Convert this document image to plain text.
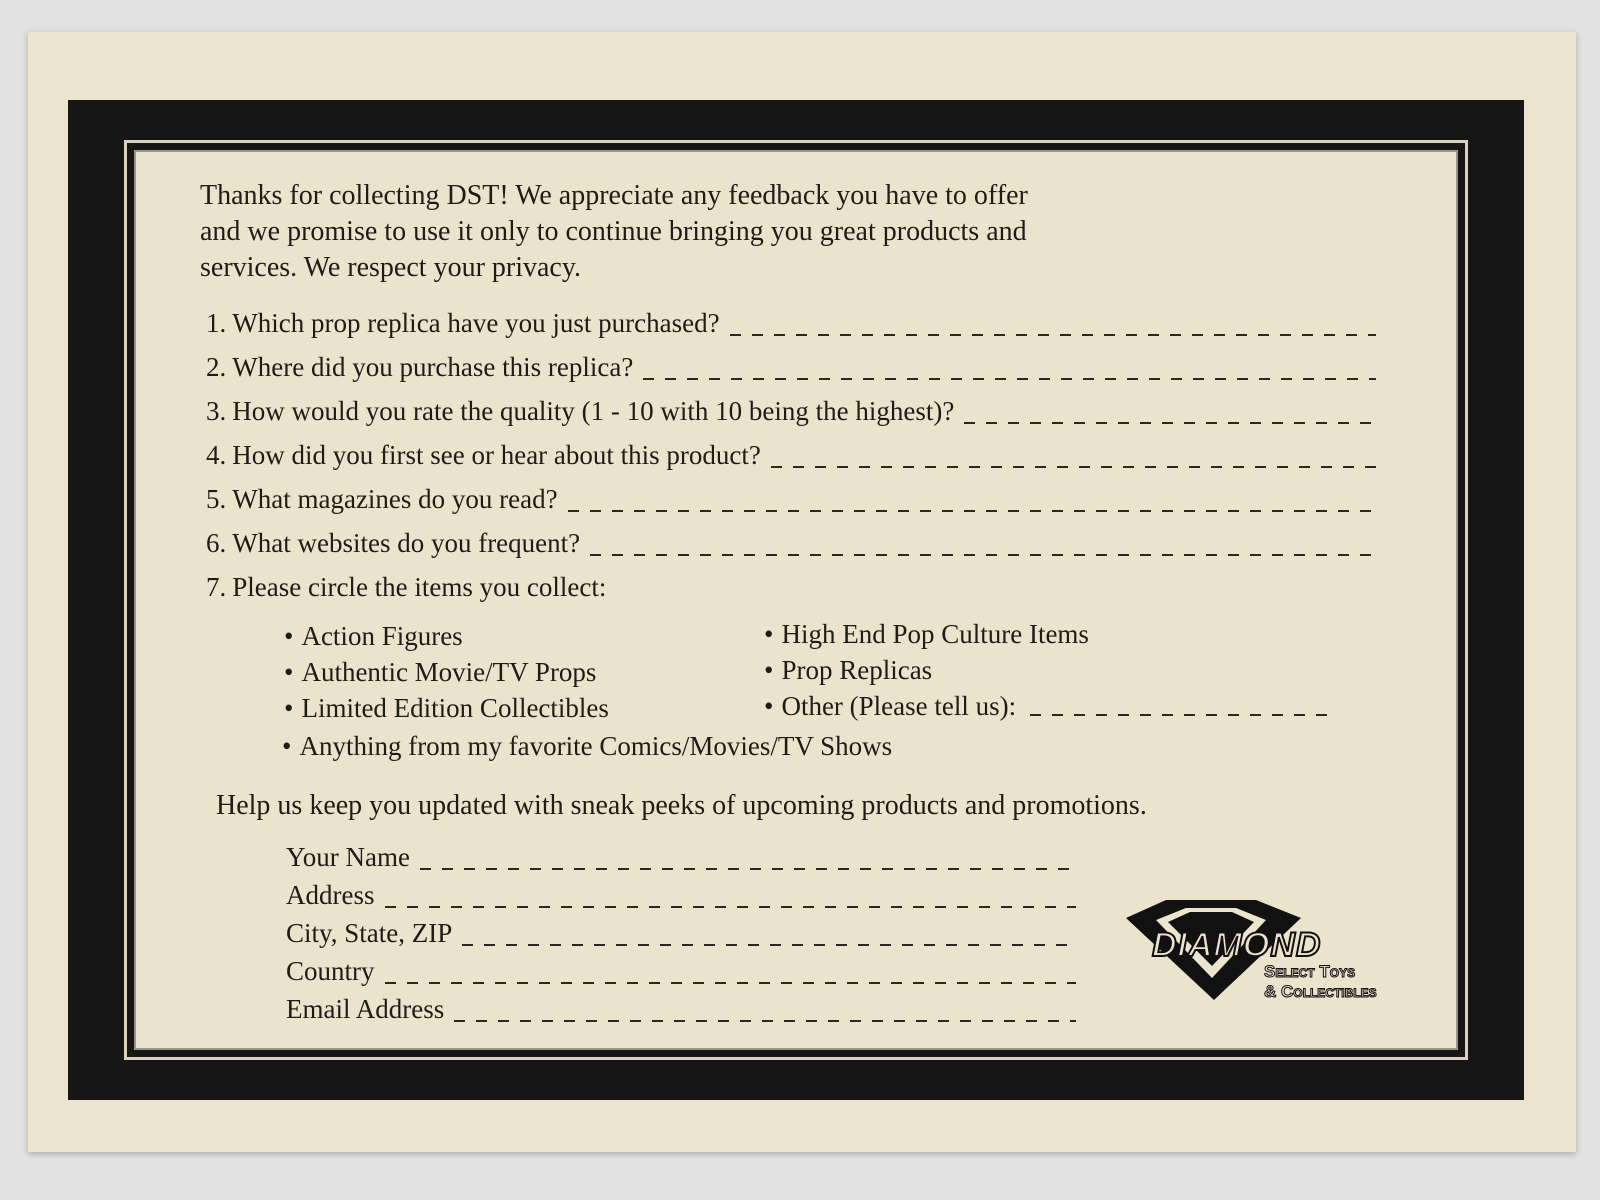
Thanks for collecting DST! We appreciate any feedback you have to offer
and we promise to use it only to continue bringing you great products and
services. We respect your privacy.

1. Which prop replica have you just purchased?
2. Where did you purchase this replica?
3. How would you rate the quality (1 - 10 with 10 being the highest)?
4. How did you first see or hear about this product?
5. What magazines do you read?
6. What websites do you frequent?
7. Please circle the items you collect:
• Action Figures
• Authentic Movie/TV Props
• Limited Edition Collectibles
• High End Pop Culture Items
• Prop Replicas
• Other (Please tell us):
• Anything from my favorite Comics/Movies/TV Shows

Help us keep you updated with sneak peeks of upcoming products and promotions.

Your Name
Address
City, State, ZIP
Country
Email Address
DIAMOND
Select Toys
& Collectibles
